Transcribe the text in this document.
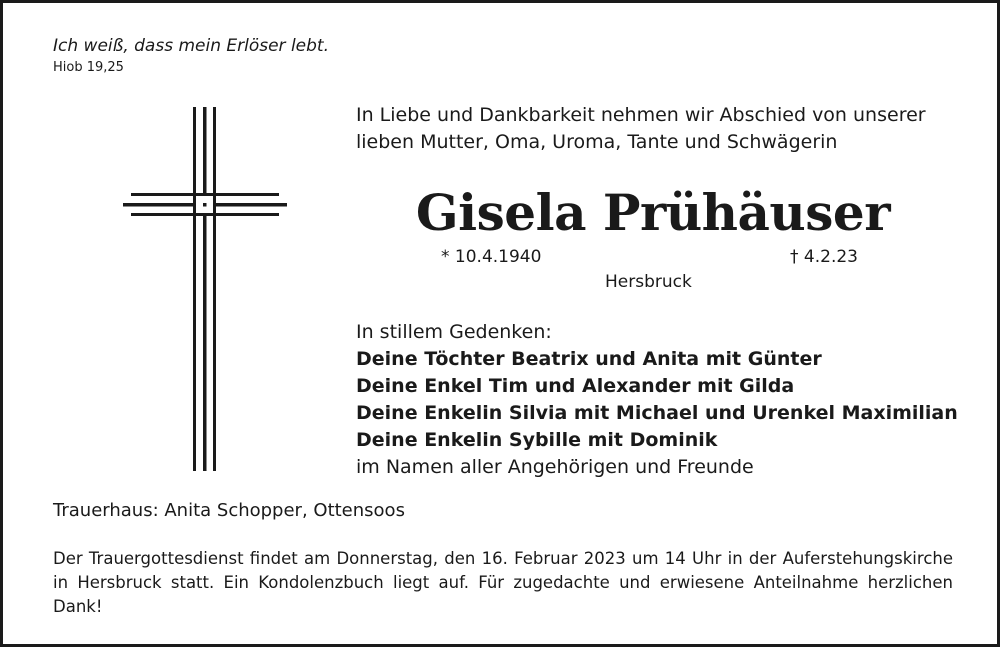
Ich weiß, dass mein Erlöser lebt.
Hiob 19,25
In Liebe und Dankbarkeit nehmen wir Abschied von unserer
lieben Mutter, Oma, Uroma, Tante und Schwägerin
Gisela Prühäuser
* 10.4.1940	† 4.2.23
Hersbruck
In stillem Gedenken:
Deine Töchter Beatrix und Anita mit Günter
Deine Enkel Tim und Alexander mit Gilda
Deine Enkelin Silvia mit Michael und Urenkel Maximilian
Deine Enkelin Sybille mit Dominik
im Namen aller Angehörigen und Freunde
Trauerhaus: Anita Schopper, Ottensoos
Der Trauergottesdienst findet am Donnerstag, den 16. Februar 2023 um 14 Uhr in der Auferstehungskirche in Hersbruck statt. Ein Kondolenzbuch liegt auf. Für zugedachte und erwiesene Anteilnahme herzlichen Dank!
